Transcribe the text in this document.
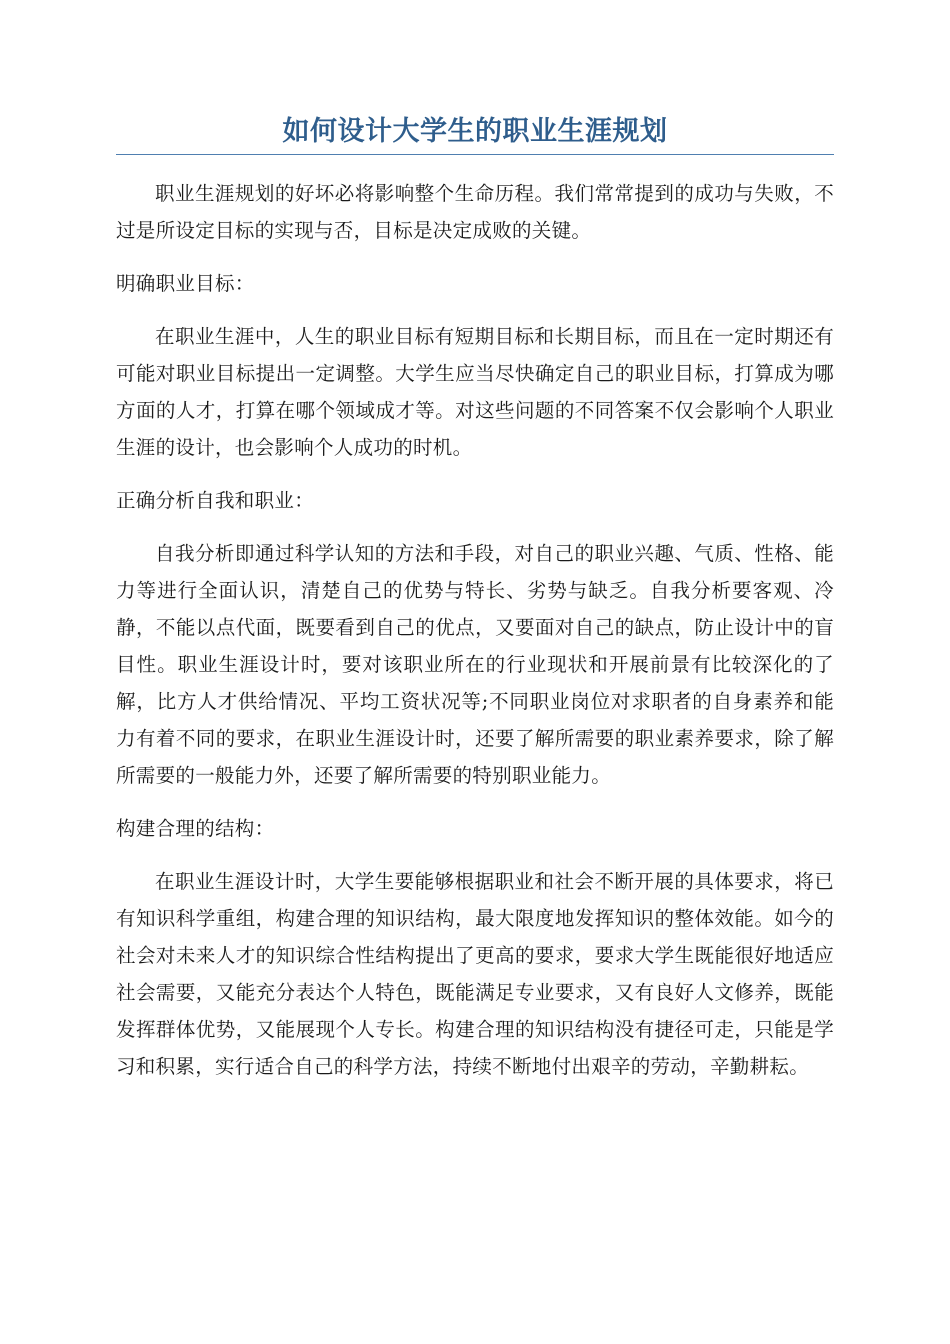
如何设计大学生的职业生涯规划

职业生涯规划的好坏必将影响整个生命历程。我们常常提到的成功与失败，不过是所设定目标的实现与否，目标是决定成败的关键。

明确职业目标：

在职业生涯中，人生的职业目标有短期目标和长期目标，而且在一定时期还有可能对职业目标提出一定调整。大学生应当尽快确定自己的职业目标，打算成为哪方面的人才，打算在哪个领域成才等。对这些问题的不同答案不仅会影响个人职业生涯的设计，也会影响个人成功的时机。

正确分析自我和职业：

自我分析即通过科学认知的方法和手段，对自己的职业兴趣、气质、性格、能力等进行全面认识，清楚自己的优势与特长、劣势与缺乏。自我分析要客观、冷静，不能以点代面，既要看到自己的优点，又要面对自己的缺点，防止设计中的盲目性。职业生涯设计时，要对该职业所在的行业现状和开展前景有比较深化的了解，比方人才供给情况、平均工资状况等;不同职业岗位对求职者的自身素养和能力有着不同的要求，在职业生涯设计时，还要了解所需要的职业素养要求，除了解所需要的一般能力外，还要了解所需要的特别职业能力。

构建合理的结构：

在职业生涯设计时，大学生要能够根据职业和社会不断开展的具体要求，将已有知识科学重组，构建合理的知识结构，最大限度地发挥知识的整体效能。如今的社会对未来人才的知识综合性结构提出了更高的要求，要求大学生既能很好地适应社会需要，又能充分表达个人特色，既能满足专业要求，又有良好人文修养，既能发挥群体优势，又能展现个人专长。构建合理的知识结构没有捷径可走，只能是学习和积累，实行适合自己的科学方法，持续不断地付出艰辛的劳动，辛勤耕耘。
